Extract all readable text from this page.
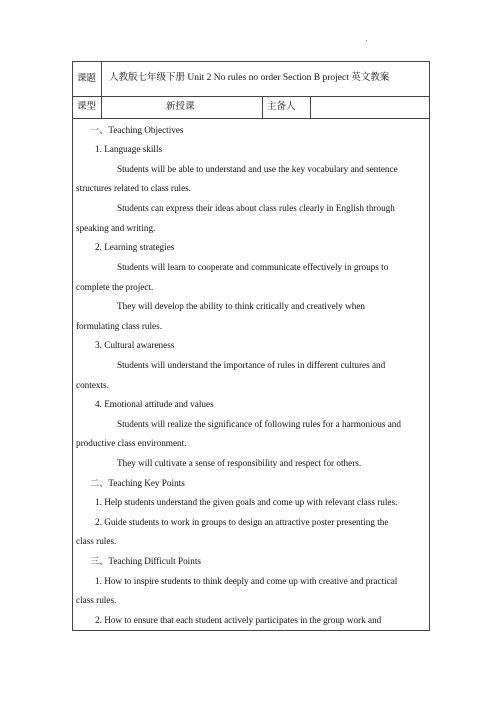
课题 人教版七年级下册 Unit 2 No rules no order Section B project 英文教案
课型	新授课	主备人
一、Teaching Objectives
1. Language skills
Students will be able to understand and use the key vocabulary and sentence
structures related to class rules.
Students can express their ideas about class rules clearly in English through
speaking and writing.
2. Learning strategies
Students will learn to cooperate and communicate effectively in groups to
complete the project.
They will develop the ability to think critically and creatively when
formulating class rules.
3. Cultural awareness
Students will understand the importance of rules in different cultures and
contexts.
4. Emotional attitude and values
Students will realize the significance of following rules for a harmonious and
productive class environment.
They will cultivate a sense of responsibility and respect for others.
二、Teaching Key Points
1. Help students understand the given goals and come up with relevant class rules.
2. Guide students to work in groups to design an attractive poster presenting the
class rules.
三、Teaching Difficult Points
1. How to inspire students to think deeply and come up with creative and practical
class rules.
2. How to ensure that each student actively participates in the group work and
